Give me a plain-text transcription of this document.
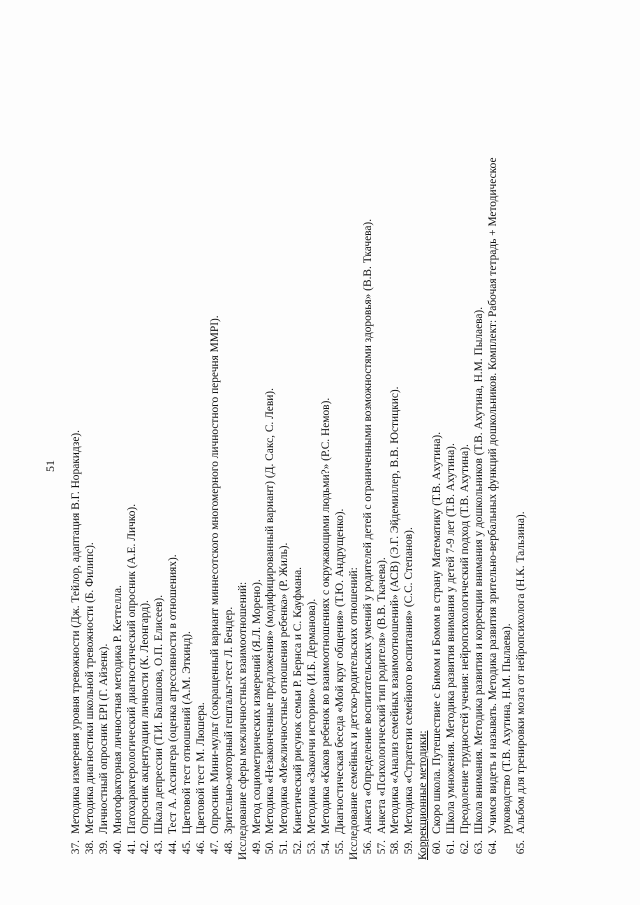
51
37.
Методика измерения уровня тревожности (Дж. Тейлор, адаптация В.Г. Норакидзе).
38.
Методика диагностики школьной тревожности (Б. Филипс).
39.
Личностный опросник EPI (Г. Айзенк).
40.
Многофакторная личностная методика Р. Кеттелла.
41.
Патохарактерологический диагностический опросник (А.Е. Личко).
42.
Опросник акцентуации личности (К. Леонгард).
43.
Шкала депрессии (Т.И. Балашова, О.П. Елисеев).
44.
Тест А. Ассингера (оценка агрессивности в отношениях).
45.
Цветовой тест отношений (А.М. Эткинд).
46.
Цветовой тест М. Люшера.
47.
Опросник Мини-мульт (сокращенный вариант миннесотского многомерного личностного перечня MMPI).
48.
Зрительно-моторный гештальт-тест Л. Бендер. Исследование сферы межличностных взаимоотношений: 49.
Метод социометрических измерений (Я.Л. Морено).
50.
Методика «Незаконченные предложения» (модифицированный вариант) (Д. Сакс, С. Леви).
51.
Методика «Межличностные отношения ребенка» (Р. Жиль).
52.
Кинетический рисунок семьи Р. Бернса и С. Кауфмана.
53.
Методика «Закончи историю» (И.Б. Дерманова).
54.
Методика «Каков ребенок во взаимоотношениях с окружающими людьми?» (Р.С. Немов).
55.
Диагностическая беседа «Мой круг общения» (Т.Ю. Андрущенко). Исследование семейных и детско-родительских отношений: 56.
Анкета «Определение воспитательских умений у родителей детей с ограниченными возможностями здоровья» (В.В. Ткачева).
57.
Анкета «Психологический тип родителя» (В.В. Ткачева).
58.
Методика «Анализ семейных взаимоотношений» (АСВ) (Э.Г. Эйдемиллер, В.В. Юстицкис).
59.
Методика «Стратегии семейного воспитания» (С.С. Степанов). Коррекционные методики: 60.
Скоро школа. Путешествие с Бимом и Бомом в страну Математику (Т.В. Ахутина).
61.
Школа умножения. Методика развития внимания у детей 7-9 лет (Т.В. Ахутина).
62.
Преодоление трудностей учения: нейропсихологический подход (Т.В. Ахутина).
63.
Школа внимания. Методика развития и коррекции внимания у дошкольников (Т.В. Ахутина, Н.М. Пылаева).
64.
Учимся видеть и называть. Методика развития зрительно-вербальных функций дошкольников. Комплект: Рабочая тетрадь + Методическое руководство (Т.В. Ахутина, Н.М. Пылаева).
65.
Альбом для тренировки мозга от нейропсихолога (Н.К. Тальзина).
